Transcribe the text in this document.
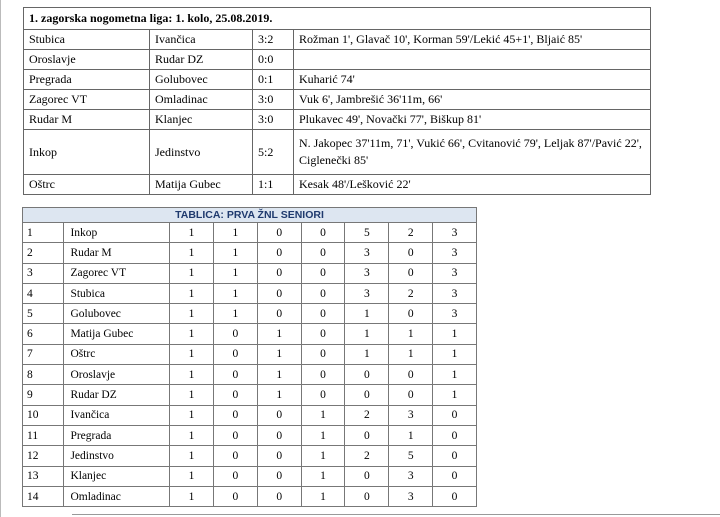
1. zagorska nogometna liga: 1. kolo, 25.08.2019.			
Stubica	Ivančica	3:2	Rožman 1', Glavač 10', Korman 59'/Lekić 45+1', Bljaić 85'
Oroslavje	Rudar DZ	0:0	
Pregrada	Golubovec	0:1	Kuharić 74'
Zagorec VT	Omladinac	3:0	Vuk 6', Jambrešić 36'11m, 66'
Rudar M	Klanjec	3:0	Plukavec 49', Novački 77', Biškup 81'
Inkop	Jedinstvo	5:2	N. Jakopec 37'11m, 71', Vukić 66', Cvitanović 79', Leljak 87'/Pavić 22', Ciglenečki 85'
Oštrc	Matija Gubec	1:1	Kesak 48'/Lešković 22'
TABLICA: PRVA ŽNL SENIORI								
1	Inkop	1	1	0	0	5	2	3
2	Rudar M	1	1	0	0	3	0	3
3	Zagorec VT	1	1	0	0	3	0	3
4	Stubica	1	1	0	0	3	2	3
5	Golubovec	1	1	0	0	1	0	3
6	Matija Gubec	1	0	1	0	1	1	1
7	Oštrc	1	0	1	0	1	1	1
8	Oroslavje	1	0	1	0	0	0	1
9	Rudar DZ	1	0	1	0	0	0	1
10	Ivančica	1	0	0	1	2	3	0
11	Pregrada	1	0	0	1	0	1	0
12	Jedinstvo	1	0	0	1	2	5	0
13	Klanjec	1	0	0	1	0	3	0
14	Omladinac	1	0	0	1	0	3	0
